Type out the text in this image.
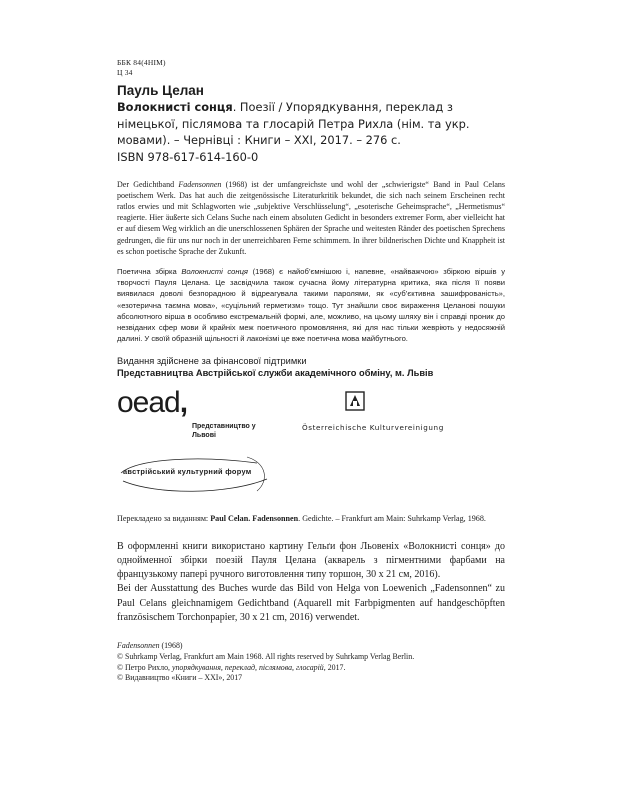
ББК 84(4НІМ)
Ц 34
Пауль Целан
Волокнисті сонця. Поезії / Упорядкування, переклад з німецької, післямова та глосарій Петра Рихла (нім. та укр. мовами). – Чернівці : Книги – ХХІ, 2017. – 276 с.
ISBN 978-617-614-160-0
Der Gedichtband Fadensonnen (1968) ist der umfangreichste und wohl der „schwierigste“ Band in Paul Celans poetischem Werk. Das hat auch die zeitgenössische Literaturkritik bekundet, die sich nach seinem Erscheinen recht ratlos erwies und mit Schlagworten wie „subjektive Verschlüsselung“, „esoterische Geheimsprache“, „Hermetismus“ reagierte. Hier äußerte sich Celans Suche nach einem absoluten Gedicht in besonders extremer Form, aber vielleicht hat er auf diesem Weg wirklich an die unerschlossenen Sphären der Sprache und weitesten Ränder des poetischen Sprechens gedrungen, die für uns nur noch in der unerreichbaren Ferne schimmern. In ihrer bildnerischen Dichte und Knappheit ist es schon poetische Sprache der Zukunft.
Поетична збірка Волокнисті сонця (1968) є найоб’ємнішою і, напевне, «найважчою» збіркою віршів у творчості Пауля Целана. Це засвідчила також сучасна йому літературна критика, яка після її появи виявилася доволі безпорадною й відреагувала такими паролями, як «суб’єктивна зашифрованість», «езотерична таємна мова», «суцільний герметизм» тощо. Тут знайшли своє вираження Целанові пошуки абсолютного вірша в особливо екстремальній формі, але, можливо, на цьому шляху він і справді проник до незвіданих сфер мови й крайніх меж поетичного промовляння, які для нас тільки жевріють у недосяжній далині. У своїй образній щільності й лаконізмі це вже поетична мова майбутнього.
Видання здійснене за фінансової підтримки
Представництва Австрійської служби академічного обміну, м. Львів
oead,
Представництво у Львові
Österreichische Kulturvereinigung
австрійський культурний форум
Перекладено за виданням: Paul Celan. Fadensonnen. Gedichte. – Frankfurt am Main: Suhrkamp Verlag, 1968.
В оформленні книги використано картину Гельґи фон Льовеніх «Волокнисті сонця» до однойменної збірки поезій Пауля Целана (акварель з пігментними фарбами на французькому папері ручного виготовлення типу торшон, 30 x 21 см, 2016).
Bei der Ausstattung des Buches wurde das Bild von Helga von Loewenich „Fadensonnen“ zu Paul Celans gleichnamigem Gedichtband (Aquarell mit Farbpigmenten auf handgeschöpften französischem Torchonpapier, 30 x 21 cm, 2016) verwendet.
Fadensonnen (1968)
© Suhrkamp Verlag, Frankfurt am Main 1968. All rights reserved by Suhrkamp Verlag Berlin.
© Петро Рихло, упорядкування, переклад, післямова, глосарій, 2017.
© Видавництво «Книги – ХХІ», 2017
